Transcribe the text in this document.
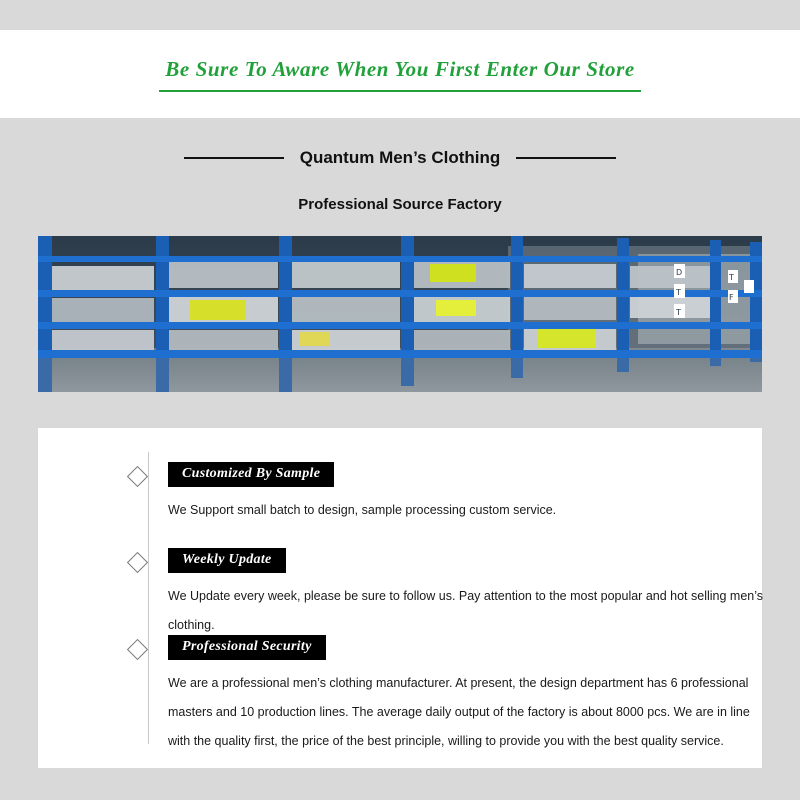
Be Sure To Aware When You First Enter Our Store
Quantum Men’s Clothing
Professional Source Factory
D
T
T
T
F
Customized By Sample
We Support small batch to design, sample processing custom service.
Weekly Update
We Update every week, please be sure to follow us. Pay attention to the most popular and hot selling men’s clothing.
Professional Security
We are a professional men’s clothing manufacturer. At present, the design department has 6 professional masters and 10 production lines. The average daily output of the factory is about 8000 pcs. We are in line with the quality first, the price of the best principle, willing to provide you with the best quality service.
